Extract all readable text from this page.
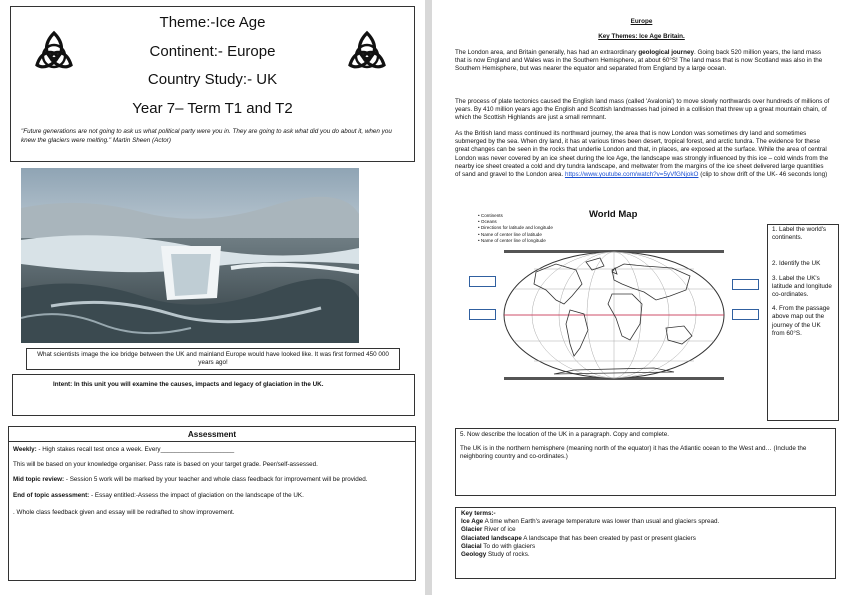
Theme:-Ice Age
Continent:- Europe
Country Study:- UK
Year 7– Term T1 and T2
"Future generations are not going to ask us what political party were you in. They are going to ask what did you do about it, when you knew the glaciers were melting." Martin Sheen (Actor)
What scientists image the ice bridge between the UK and mainland Europe would have looked like. It was first formed 450 000 years ago!
Intent: In this unit you will examine the causes, impacts and legacy of glaciation in the UK.
Assessment
Weekly: - High stakes recall test once a week. Every_____________________
This will be based on your knowledge organiser. Pass rate is based on your target grade. Peer/self-assessed.
Mid topic review: - Session 5 work will be marked by your teacher and whole class feedback for improvement will be provided.
End of topic assessment: - Essay entitled:-Assess the impact of glaciation on the landscape of the UK.
. Whole class feedback given and essay will be redrafted to show improvement.
Europe
Key Themes: Ice Age Britain.
The London area, and Britain generally, has had an extraordinary geological journey. Going back 520 million years, the land mass that is now England and Wales was in the Southern Hemisphere, at about 60°S! The land mass that is now Scotland was also in the Southern Hemisphere, but was nearer the equator and separated from England by a large ocean.
The process of plate tectonics caused the English land mass (called 'Avalonia') to move slowly northwards over hundreds of millions of years. By 410 million years ago the English and Scottish landmasses had joined in a collision that threw up a great mountain chain, of which the Scottish Highlands are just a small remnant.
As the British land mass continued its northward journey, the area that is now London was sometimes dry land and sometimes submerged by the sea. When dry land, it has at various times been desert, tropical forest, and arctic tundra. The evidence for these great changes can be seen in the rocks that underlie London and that, in places, are exposed at the surface. While the area of central London was never covered by an ice sheet during the Ice Age, the landscape was strongly influenced by this ice – cold winds from the nearby ice sheet created a cold and dry tundra landscape, and meltwater from the margins of the ice sheet delivered large quantities of sand and gravel to the London area. https://www.youtube.com/watch?v=5yVfGNjokO (clip to show drift of the UK- 46 seconds long)
• Continents
• Oceans
• Directions for latitude and longitude
• Name of center line of latitude
• Name of center line of longitude
World Map
1. Label the world's continents.
2. Identify the UK
3. Label the UK's latitude and longitude co-ordinates.
4. From the passage above map out the journey of the UK from 60°S.
5. Now describe the location of the UK in a paragraph. Copy and complete.
The UK is in the northern hemisphere (meaning north of the equator) it has the Atlantic ocean to the West and… (Include the neighboring country and co-ordinates.)
Key terms:-
Ice Age A time when Earth's average temperature was lower than usual and glaciers spread.
Glacier River of ice
Glaciated landscape A landscape that has been created by past or present glaciers
Glacial To do with glaciers
Geology Study of rocks.
